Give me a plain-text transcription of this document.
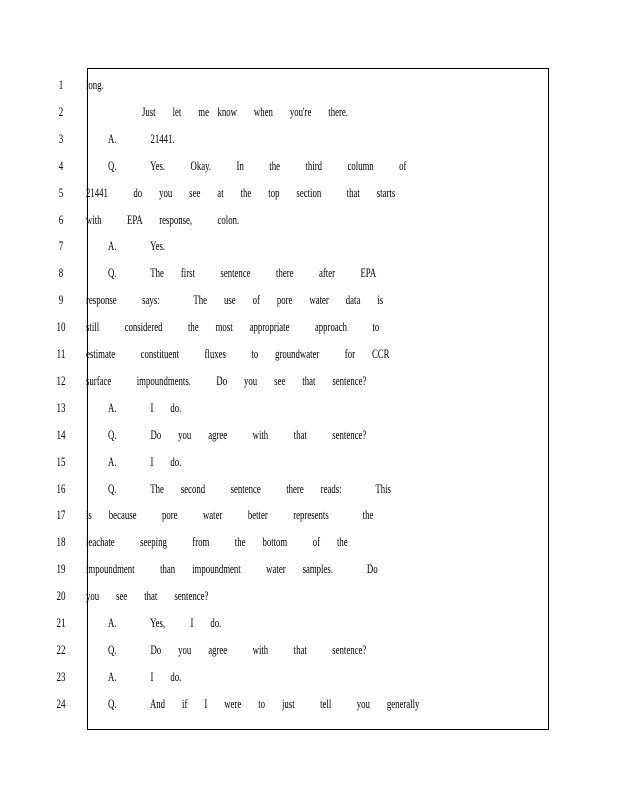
1	long.
2	Just  let  me know  when  you're  there.
3	A.    21441.
4	Q.    Yes.   Okay.   In   the   third   column   of
5	21441   do  you  see  at  the  top  section   that  starts
6	with   EPA  response,   colon.
7	A.    Yes.
8	Q.    The  first   sentence   there   after   EPA
9	response   says:    The  use  of  pore  water  data  is
10 still   considered   the  most  appropriate   approach   to
11 estimate   constituent   fluxes   to  groundwater   for  CCR
12 surface   impoundments.   Do  you  see  that  sentence?
13	A.    I  do.
14	Q.    Do  you  agree   with   that   sentence?
15	A.    I  do.
16	Q.    The  second   sentence   there  reads:    This
17 is  because   pore   water   better   represents    the
18 leachate   seeping   from   the  bottom   of  the
19 impoundment   than  impoundment   water  samples.    Do
20 you  see  that  sentence?
21	A.    Yes,   I  do.
22	Q.    Do  you  agree   with   that   sentence?
23	A.    I  do.
24	Q.    And  if  I  were  to  just   tell   you  generally
